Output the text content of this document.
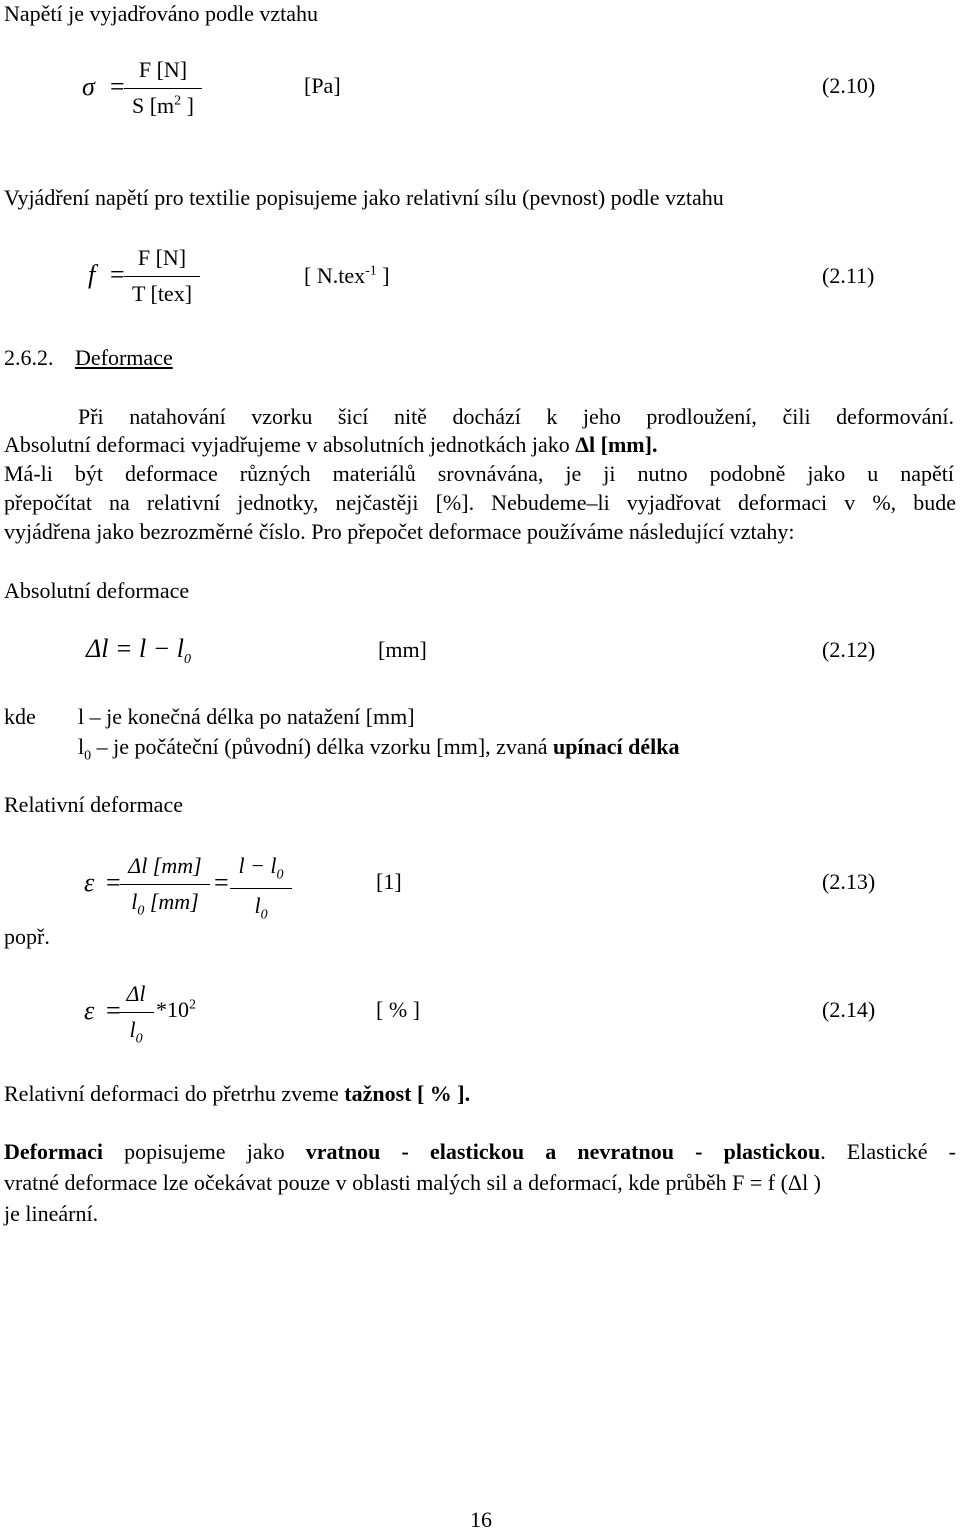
Napětí je vyjadřováno podle vztahu
$\sigma = \frac{F [N]}{S [m^2 ]}$	[Pa]	(2.10)
Vyjádření napětí pro textilie popisujeme jako relativní sílu (pevnost) podle vztahu
f =
F [N]
T [tex]
[ N.tex$^{-1}$ ]	(2.11)
2.6.2. Deformace
Při natahování vzorku šicí nitě dochází k jeho prodloužení, čili deformování.
Absolutní deformaci vyjadřujeme v absolutních jednotkách jako Δl [mm].
Má-li být deformace různých materiálů srovnávána, je ji nutno podobně jako u napětí
přepočítat na relativní jednotky, nejčastěji [%]. Nebudeme–li vyjadřovat deformaci v %, bude
vyjádřena jako bezrozměrné číslo. Pro přepočet deformace používáme následující vztahy:
Absolutní deformace
$\Delta l = l - l_0$	[mm]	(2.12)
kde l – je konečná délka po natažení [mm]
$l_0$ – je počáteční (původní) délka vzorku [mm], zvaná upínací délka
Relativní deformace
$\varepsilon = \frac{\Delta l [mm]}{l_0 [mm]} = \frac{l - l_0}{l_0}$	[1]	(2.13)
popř.
ε =
$\frac{\Delta l}{l_0} *10^2$	[ % ]	(2.14)
Relativní deformaci do přetrhu zveme tažnost [ % ].
Deformaci popisujeme jako vratnou - elastickou a nevratnou - plastickou. Elastické -
vratné deformace lze očekávat pouze v oblasti malých sil a deformací, kde průběh F = f (Δl )
je lineární.
16
